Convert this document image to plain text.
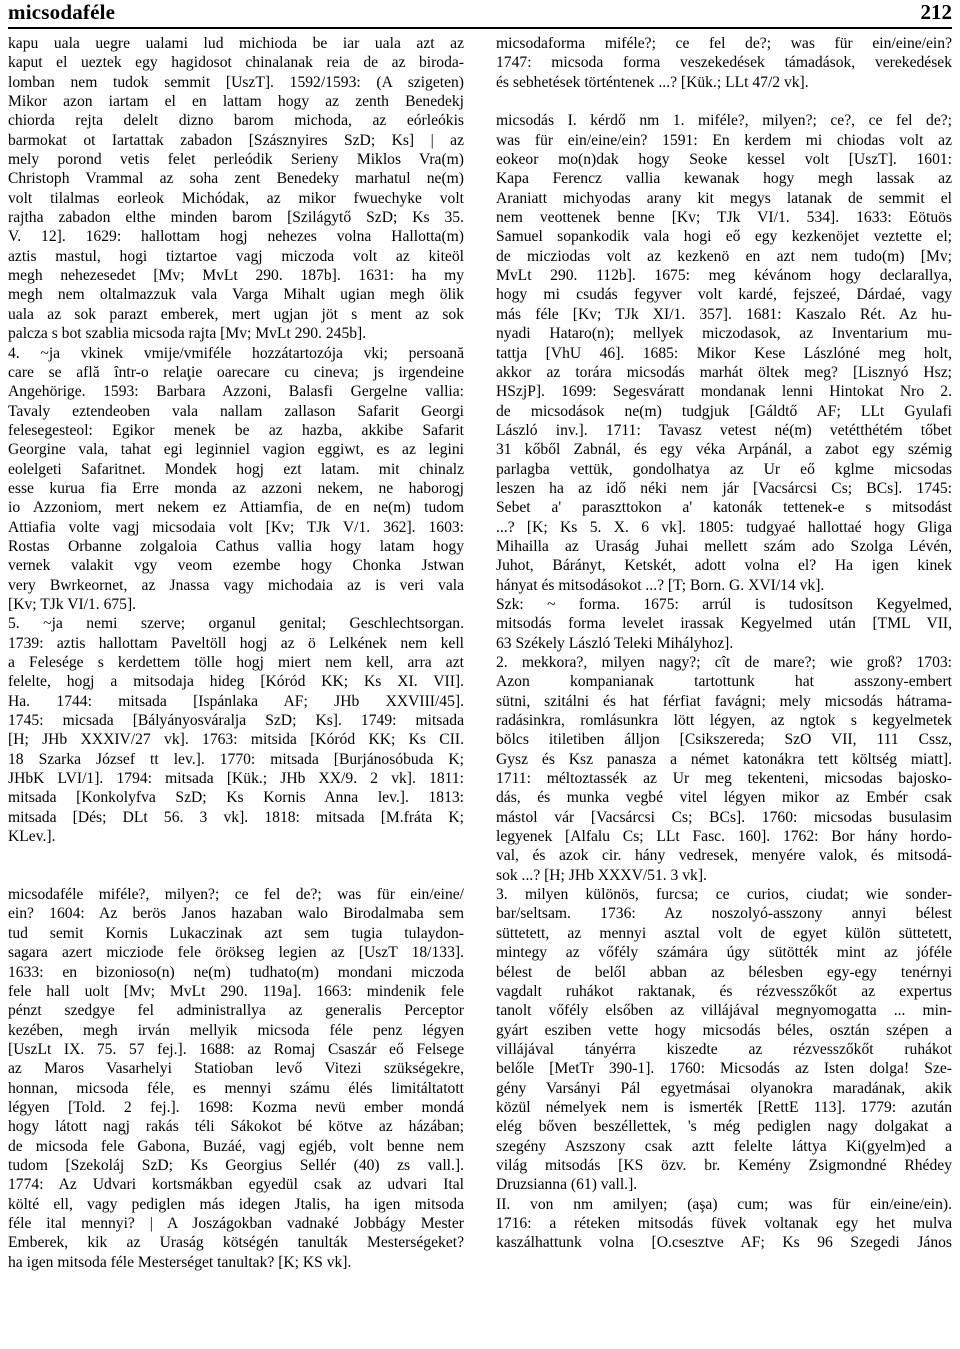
micsodaféle	212
kapu uala uegre ualami lud michioda be iar uala azt az
kaput el ueztek egy hagidosot chinalanak reia de az biroda-
lomban nem tudok semmit [UszT]. 1592/1593: (A szigeten)
Mikor azon iartam el en lattam hogy az zenth Benedekj
chiorda rejta delelt dizno barom michoda, az eórleókis
barmokat ot Iartattak zabadon [Szásznyires SzD; Ks] | az
mely porond vetis felet perleódik Serieny Miklos Vra(m)
Christoph Vrammal az soha zent Benedeky marhatul ne(m)
volt tilalmas eorleok Michódak, az mikor fwuechyke volt
rajtha zabadon elthe minden barom [Szilágytő SzD; Ks 35.
V. 12]. 1629: hallottam hogj nehezes volna Hallotta(m)
aztis mastul, hogi tiztartoe vagj miczoda volt az kiteöl
megh nehezesedet [Mv; MvLt 290. 187b]. 1631: ha my
megh nem oltalmazzuk vala Varga Mihalt ugian megh ölik
uala az sok parazt emberek, mert ugjan jöt s ment az sok
palcza s bot szablia micsoda rajta [Mv; MvLt 290. 245b].
4. ~ja vkinek vmije/vmiféle hozzátartozója vki; persoană
care se află într-o relaţie oarecare cu cineva; js irgendeine
Angehörige. 1593: Barbara Azzoni, Balasfi Gergelne vallia:
Tavaly eztendeoben vala nallam zallason Safarit Georgi
felesegesteol: Egikor menek be az hazba, akkibe Safarit
Georgine vala, tahat egi leginniel vagion eggiwt, es az legini
eolelgeti Safaritnet. Mondek hogj ezt latam. mit chinalz
esse kurua fia Erre monda az azzoni nekem, ne haborogj
io Azzoniom, mert nekem ez Attiamfia, de en ne(m) tudom
Attiafia volte vagj micsodaia volt [Kv; TJk V/1. 362]. 1603:
Rostas Orbanne zolgaloia Cathus vallia hogy latam hogy
vernek valakit vgy veom ezembe hogy Chonka Jstwan
very Bwrkeornet, az Jnassa vagy michodaia az is veri vala
[Kv; TJk VI/1. 675].
5. ~ja nemi szerve; organul genital; Geschlechtsorgan.
1739: aztis hallottam Paveltöll hogj az ö Lelkének nem kell
a Felesége s kerdettem tölle hogj miert nem kell, arra azt
felelte, hogj a mitsodaja hideg [Kóród KK; Ks XI. VII].
Ha. 1744: mitsada [Ispánlaka AF; JHb XXVIII/45].
1745: micsada [Bályányosváralja SzD; Ks]. 1749: mitsada
[H; JHb XXXIV/27 vk]. 1763: mitsida [Kóród KK; Ks CII.
18 Szarka József tt lev.]. 1770: mitsada [Burjánosóbuda K;
JHbK LVI/1]. 1794: mitsada [Kük.; JHb XX/9. 2 vk]. 1811:
mitsada [Konkolyfva SzD; Ks Kornis Anna lev.]. 1813:
mitsada [Dés; DLt 56. 3 vk]. 1818: mitsada [M.fráta K;
KLev.].
micsodaféle miféle?, milyen?; ce fel de?; was für ein/eine/
ein? 1604: Az berös Janos hazaban walo Birodalmaba sem
tud semit Kornis Lukaczinak azt sem tugia tulaydon-
sagara azert micziode fele örökseg legien az [UszT 18/133].
1633: en bizonioso(n) ne(m) tudhato(m) mondani miczoda
fele hall uolt [Mv; MvLt 290. 119a]. 1663: mindenik fele
pénzt szedgye fel administrallya az generalis Perceptor
kezében, megh irván mellyik micsoda féle penz légyen
[UszLt IX. 75. 57 fej.]. 1688: az Romaj Csaszár eő Felsege
az Maros Vasarhelyi Statioban levő Vitezi szükségekre,
honnan, micsoda féle, es mennyi számu élés limitáltatott
légyen [Told. 2 fej.]. 1698: Kozma nevü ember mondá
hogy látott nagj rakás téli Sákokot bé kötve az házában;
de micsoda fele Gabona, Buzáé, vagj egjéb, volt benne nem
tudom [Szekoláj SzD; Ks Georgius Sellér (40) zs vall.].
1774: Az Udvari kortsmákban egyedül csak az udvari Ital
költé ell, vagy pediglen más idegen Jtalis, ha igen mitsoda
féle ital mennyi? | A Joszágokban vadnaké Jobbágy Mester
Emberek, kik az Uraság kötségén tanulták Mesterségeket?
ha igen mitsoda féle Mesterséget tanultak? [K; KS vk].
micsodaforma miféle?; ce fel de?; was für ein/eine/ein?
1747: micsoda forma veszekedések támadások, verekedések
és sebhetések történtenek ...? [Kük.; LLt 47/2 vk].
micsodás I. kérdő nm 1. miféle?, milyen?; ce?, ce fel de?;
was für ein/eine/ein? 1591: En kerdem mi chiodas volt az
eokeor mo(n)dak hogy Seoke kessel volt [UszT]. 1601:
Kapa Ferencz vallia kewanak hogy megh lassak az
Araniatt michyodas arany kit megys latanak de semmit el
nem veottenek benne [Kv; TJk VI/1. 534]. 1633: Eötuös
Samuel sopankodik vala hogi eő egy kezkenöjet veztette el;
de micziodas volt az kezkenö en azt nem tudo(m) [Mv;
MvLt 290. 112b]. 1675: meg kévánom hogy declarallya,
hogy mi csudás fegyver volt kardé, fejszeé, Dárdaé, vagy
más féle [Kv; TJk XI/1. 357]. 1681: Kaszalo Rét. Az hu-
nyadi Hataro(n); mellyek miczodasok, az Inventarium mu-
tattja [VhU 46]. 1685: Mikor Kese Lászlóné meg holt,
akkor az torára micsodás marhát öltek meg? [Lisznyó Hsz;
HSzjP]. 1699: Segesváratt mondanak lenni Hintokat Nro 2.
de micsodások ne(m) tudgjuk [Gáldtő AF; LLt Gyulafi
László inv.]. 1711: Tavasz vetest né(m) vetétthétém tőbet
31 kőből Zabnál, és egy véka Arpánál, a zabot egy szémig
parlagba vettük, gondolhatya az Ur eő kglme micsodas
leszen ha az idő néki nem jár [Vacsárcsi Cs; BCs]. 1745:
Sebet a' paraszttokon a' katonák tettenek-e s mitsodást
...? [K; Ks 5. X. 6 vk]. 1805: tudgyaé hallottaé hogy Gliga
Mihailla az Uraság Juhai mellett szám ado Szolga Lévén,
Juhot, Bárányt, Ketskét, adott volna el? Ha igen kinek
hányat és mitsodásokot ...? [T; Born. G. XVI/14 vk].
Szk: ~ forma. 1675: arrúl is tudosítson Kegyelmed,
mitsodás forma levelet irassak Kegyelmed után [TML VII,
63 Székely László Teleki Mihályhoz].
2. mekkora?, milyen nagy?; cît de mare?; wie groß? 1703:
Azon kompanianak tartottunk hat asszony-embert
sütni, szitálni és hat férfiat favágni; mely micsodás hátrama-
radásinkra, romlásunkra lött légyen, az ngtok s kegyelmetek
bölcs itiletiben álljon [Csikszereda; SzO VII, 111 Cssz,
Gysz és Ksz panasza a német katonákra tett költség miatt].
1711: méltoztassék az Ur meg tekenteni, micsodas bajosko-
dás, és munka vegbé vitel légyen mikor az Embér csak
mástol vár [Vacsárcsi Cs; BCs]. 1760: micsodas busulasim
legyenek [Alfalu Cs; LLt Fasc. 160]. 1762: Bor hány hordo-
val, és azok cir. hány vedresek, menyére valok, és mitsodá-
sok ...? [H; JHb XXXV/51. 3 vk].
3. milyen különös, furcsa; ce curios, ciudat; wie sonder-
bar/seltsam. 1736: Az noszolyó-asszony annyi bélest
süttetett, az mennyi asztal volt de egyet külön süttetett,
mintegy az vőfély számára úgy sütötték mint az jóféle
bélest de belől abban az bélesben egy-egy tenérnyi
vagdalt ruhákot raktanak, és rézvesszőkőt az expertus
tanolt vőfély elsőben az villájával megnyomogatta ... min-
gyárt esziben vette hogy micsodás béles, osztán szépen a
villájával tányérra kiszedte az rézvesszőkőt ruhákot
belőle [MetTr 390-1]. 1760: Micsodás az Isten dolga! Sze-
gény Varsányi Pál egyetmásai olyanokra maradának, akik
közül némelyek nem is ismerték [RettE 113]. 1779: azután
elég bőven beszéllettek, 's még pediglen nagy dolgakat a
szegény Aszszony csak aztt felelte láttya Ki(gyelm)ed a
világ mitsodás [KS özv. br. Kemény Zsigmondné Rhédey
Druzsianna (61) vall.].
II. von nm amilyen; (aşa) cum; was für ein/eine/ein).
1716: a réteken mitsodás füvek voltanak egy het mulva
kaszálhattunk volna [O.csesztve AF; Ks 96 Szegedi János
